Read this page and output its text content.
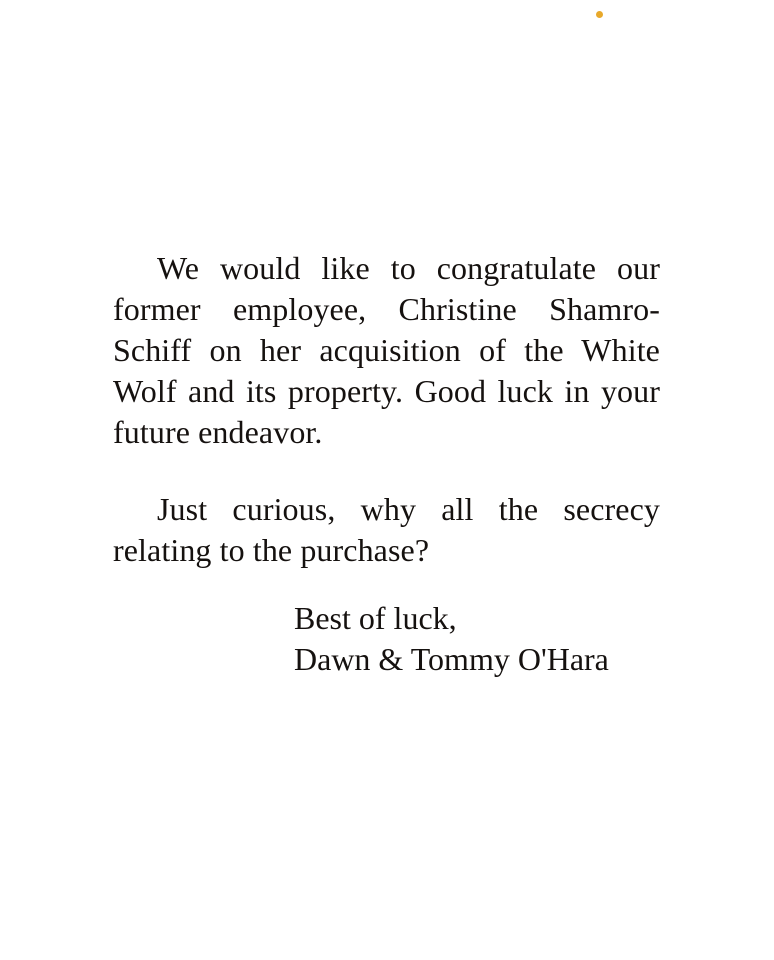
We would like to congratulate our former employee, Christine Shamro-Schiff on her acquisition of the White Wolf and its property. Good luck in your future endeavor.

Just curious, why all the secrecy relating to the purchase?

Best of luck,

Dawn & Tommy O'Hara
